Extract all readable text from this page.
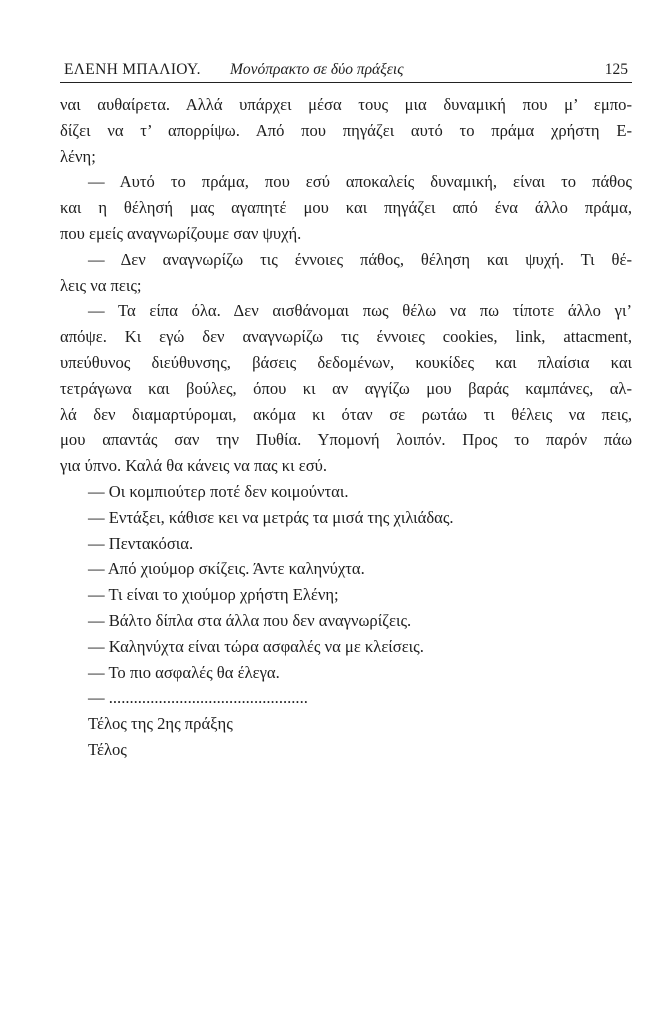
ΕΛΕΝΗ ΜΠΑΛΙΟΥ. Μονόπρακτο σε δύο πράξεις	125
ναι αυθαίρετα. Αλλά υπάρχει μέσα τους μια δυναμική που μ’ εμπο-
δίζει να τ’ απορρίψω. Από που πηγάζει αυτό το πράμα χρήστη Ε-
λένη;
— Αυτό το πράμα, που εσύ αποκαλείς δυναμική, είναι το πάθος
και η θέλησή μας αγαπητέ μου και πηγάζει από ένα άλλο πράμα,
που εμείς αναγνωρίζουμε σαν ψυχή.
— Δεν αναγνωρίζω τις έννοιες πάθος, θέληση και ψυχή. Τι θέ-
λεις να πεις;
— Τα είπα όλα. Δεν αισθάνομαι πως θέλω να πω τίποτε άλλο γι’
απόψε. Κι εγώ δεν αναγνωρίζω τις έννοιες cookies, link, attacment,
υπεύθυνος διεύθυνσης, βάσεις δεδομένων, κουκίδες και πλαίσια και
τετράγωνα και βούλες, όπου κι αν αγγίζω μου βαράς καμπάνες, αλ-
λά δεν διαμαρτύρομαι, ακόμα κι όταν σε ρωτάω τι θέλεις να πεις,
μου απαντάς σαν την Πυθία. Υπομονή λοιπόν. Προς το παρόν πάω
για ύπνο. Καλά θα κάνεις να πας κι εσύ.
— Οι κομπιούτερ ποτέ δεν κοιμούνται.
— Εντάξει, κάθισε κει να μετράς τα μισά της χιλιάδας.
— Πεντακόσια.
— Από χιούμορ σκίζεις. Άντε καληνύχτα.
— Τι είναι το χιούμορ χρήστη Ελένη;
— Βάλτο δίπλα στα άλλα που δεν αναγνωρίζεις.
— Καληνύχτα είναι τώρα ασφαλές να με κλείσεις.
— Το πιο ασφαλές θα έλεγα.
— ................................................
Τέλος της 2ης πράξης
Τέλος
